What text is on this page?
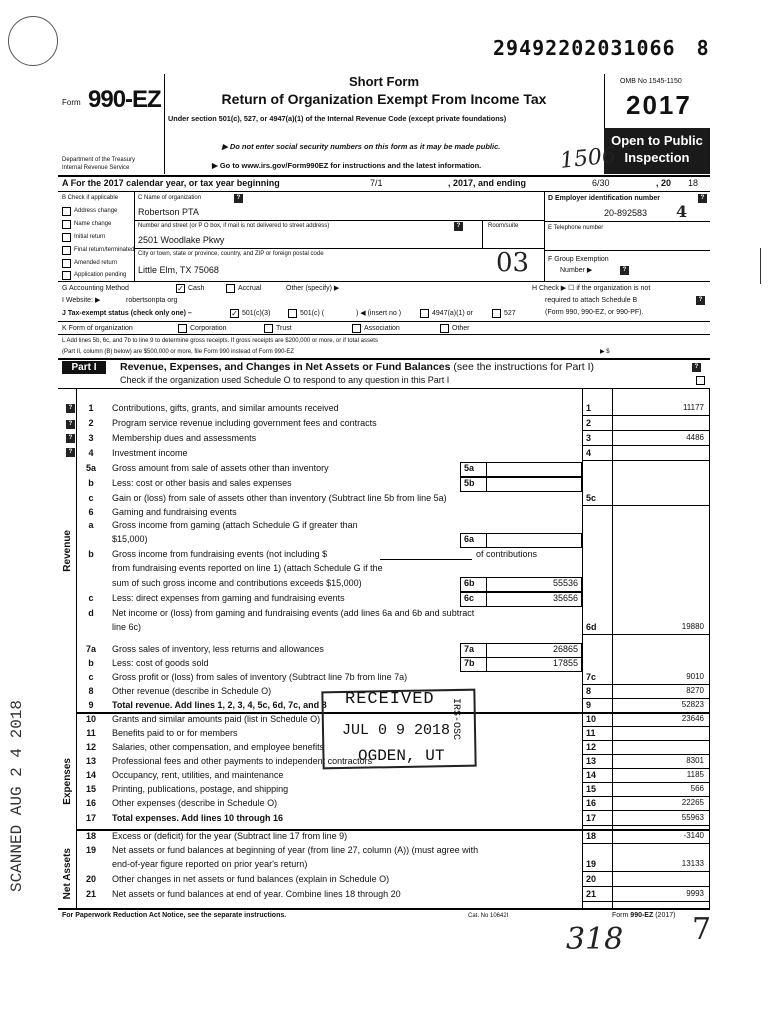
29492202031066 8
Form 990-EZ
Department of the Treasury
Internal Revenue Service
Short Form
Return of Organization Exempt From Income Tax
Under section 501(c), 527, or 4947(a)(1) of the Internal Revenue Code (except private foundations)
▶ Do not enter social security numbers on this form as it may be made public.
▶ Go to www.irs.gov/Form990EZ for instructions and the latest information.
OMB No 1545-1150
2017
Open to Public
Inspection
A For the 2017 calendar year, or tax year beginning	7/1	, 2017, and ending	6/30	, 20 18
B Check if applicable
Address change
Name change
Initial return
Final return/terminated
Amended return
Application pending
C Name of organization	?
Robertson PTA
Number and street (or P O box, if mail is not delivered to street address)	?	Room/suite
2501 Woodlake Pkwy
City or town, state or province, country, and ZIP or foreign postal code
Little Elm, TX 75068
D Employer identification number	?
20-892583
E Telephone number
F Group Exemption
Number ▶	?
G Accounting Method	✓ Cash	Accrual	Other (specify) ▶	H Check ▶ ☐ if the organization is not
required to attach Schedule B	?
(Form 990, 990-EZ, or 990-PF).
I Website: ▶	robertsonpta org
J Tax-exempt status (check only one) –	✓ 501(c)(3)	501(c) (	) ◀ (insert no )	4947(a)(1) or	527
K Form of organization	Corporation	Trust	Association	Other
L Add lines 5b, 6c, and 7b to line 9 to determine gross receipts. If gross receipts are $200,000 or more, or if total assets
(Part II, column (B) below) are $500,000 or more, file Form 990 instead of Form 990-EZ	▶ $
Part I	Revenue, Expenses, and Changes in Net Assets or Fund Balances (see the instructions for Part I)	?
Check if the organization used Schedule O to respond to any question in this Part I
Revenue
Expenses
Net Assets
?
?
?
?
1	Contributions, gifts, grants, and similar amounts received	1	11177
2	Program service revenue including government fees and contracts	2
3	Membership dues and assessments	3	4486
4	Investment income	4
5a	Gross amount from sale of assets other than inventory	5a
b	Less: cost or other basis and sales expenses	5b
c	Gain or (loss) from sale of assets other than inventory (Subtract line 5b from line 5a)	5c
6	Gaming and fundraising events
a	Gross income from gaming (attach Schedule G if greater than
$15,000)	6a
b	Gross income from fundraising events (not including $	of contributions
from fundraising events reported on line 1) (attach Schedule G if the
sum of such gross income and contributions exceeds $15,000)	6b	55536
c	Less: direct expenses from gaming and fundraising events	6c	35656
d	Net income or (loss) from gaming and fundraising events (add lines 6a and 6b and subtract
line 6c)	6d	19880
7a	Gross sales of inventory, less returns and allowances	7a	26865
b	Less: cost of goods sold	7b	17855
c	Gross profit or (loss) from sales of inventory (Subtract line 7b from line 7a)	7c	9010
8	Other revenue (describe in Schedule O)	8	8270
9	Total revenue. Add lines 1, 2, 3, 4, 5c, 6d, 7c, and 8	9	52823
10	Grants and similar amounts paid (list in Schedule O)	10	23646
11	Benefits paid to or for members	11
12	Salaries, other compensation, and employee benefits	12
13	Professional fees and other payments to independent contractors	13	8301
14	Occupancy, rent, utilities, and maintenance	14	1185
15	Printing, publications, postage, and shipping	15	566
16	Other expenses (describe in Schedule O)	16	22265
17	Total expenses. Add lines 10 through 16	17	55963
18	Excess or (deficit) for the year (Subtract line 17 from line 9)	18	-3140
19	Net assets or fund balances at beginning of year (from line 27, column (A)) (must agree with
end-of-year figure reported on prior year's return)	19	13133
20	Other changes in net assets or fund balances (explain in Schedule O)	20
21	Net assets or fund balances at end of year. Combine lines 18 through 20	21	9993
For Paperwork Reduction Act Notice, see the separate instructions.	Cat. No 10642I	Form 990-EZ (2017)
RECEIVED
JUL 0 9 2018
OGDEN, UT
IRS-OSC
SCANNED AUG 2 4 2018
1506
03
318 7
4
